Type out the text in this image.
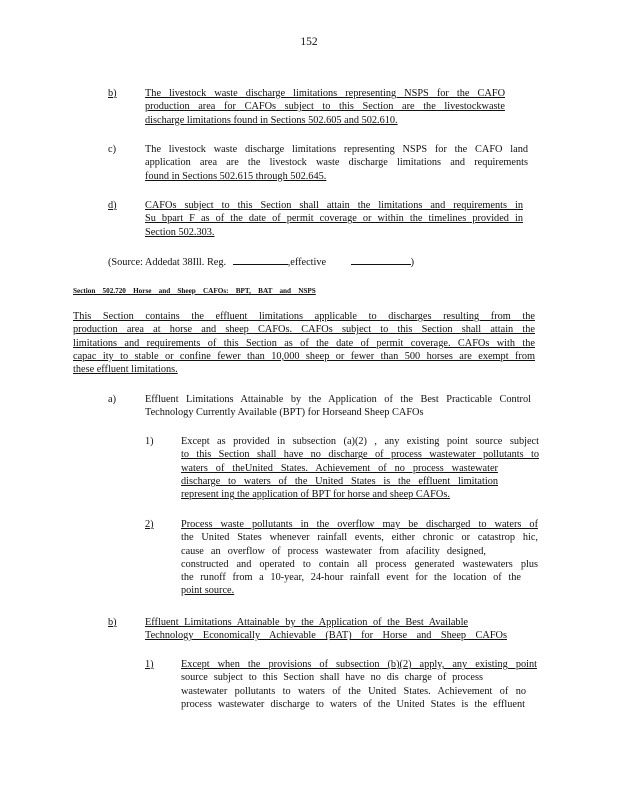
152
b)	The livestock waste discharge limitations representing NSPS for the CAFO
production area for CAFOs subject to this Section are the livestockwaste
discharge limitations found in Sections 502.605 and 502.610.
c)	The livestock waste discharge limitations representing NSPS for the CAFO land
application area are the livestock waste discharge limitations and requirements
found in Sections 502.615 through 502.645.
d)	CAFOs subject to this Section shall attain the limitations and requirements in
Su bpart F as of the date of permit coverage or within the timelines provided in
Section 502.303.
(Source: Addedat 38Ill. Reg.	,effective	)
Section    502.720    Horse    and    Sheep    CAFOs:    BPT,    BAT    and    NSPS
This Section contains the effluent limitations applicable to discharges resulting from the
production area at horse and sheep CAFOs. CAFOs subject to this Section shall attain the
limitations and requirements of this Section as of the date of permit coverage. CAFOs with the
capac ity to stable or confine fewer than 10,000 sheep or fewer than 500 horses are exempt from
these effluent limitations.
a)	Effluent Limitations Attainable by the Application of the Best Practicable Control
Technology Currently Available (BPT) for Horseand Sheep CAFOs
1)	Except as provided in subsection (a)(2) , any existing point source subject
to this Section shall have no discharge of process wastewater pollutants to
waters of theUnited States. Achievement of no process wastewater
discharge to waters of the United States is the effluent limitation
represent ing the application of BPT for horse and sheep CAFOs.
2)	Process waste pollutants in the overflow may be discharged to waters of
the United States whenever rainfall events, either chronic or catastrop hic,
cause an overflow of process wastewater from afacility designed,
constructed and operated to contain all process generated wastewaters plus
the runoff from a 10-year, 24-hour rainfall event for the location of the
point source.
b)	Effluent Limitations Attainable by the Application of the Best Available
Technology Economically Achievable (BAT) for Horse and Sheep CAFOs
1)	Except when the provisions of subsection (b)(2) apply, any existing point
source subject to this Section shall have no dis charge of process
wastewater pollutants to waters of the United States. Achievement of no
process wastewater discharge to waters of the United States is the effluent
